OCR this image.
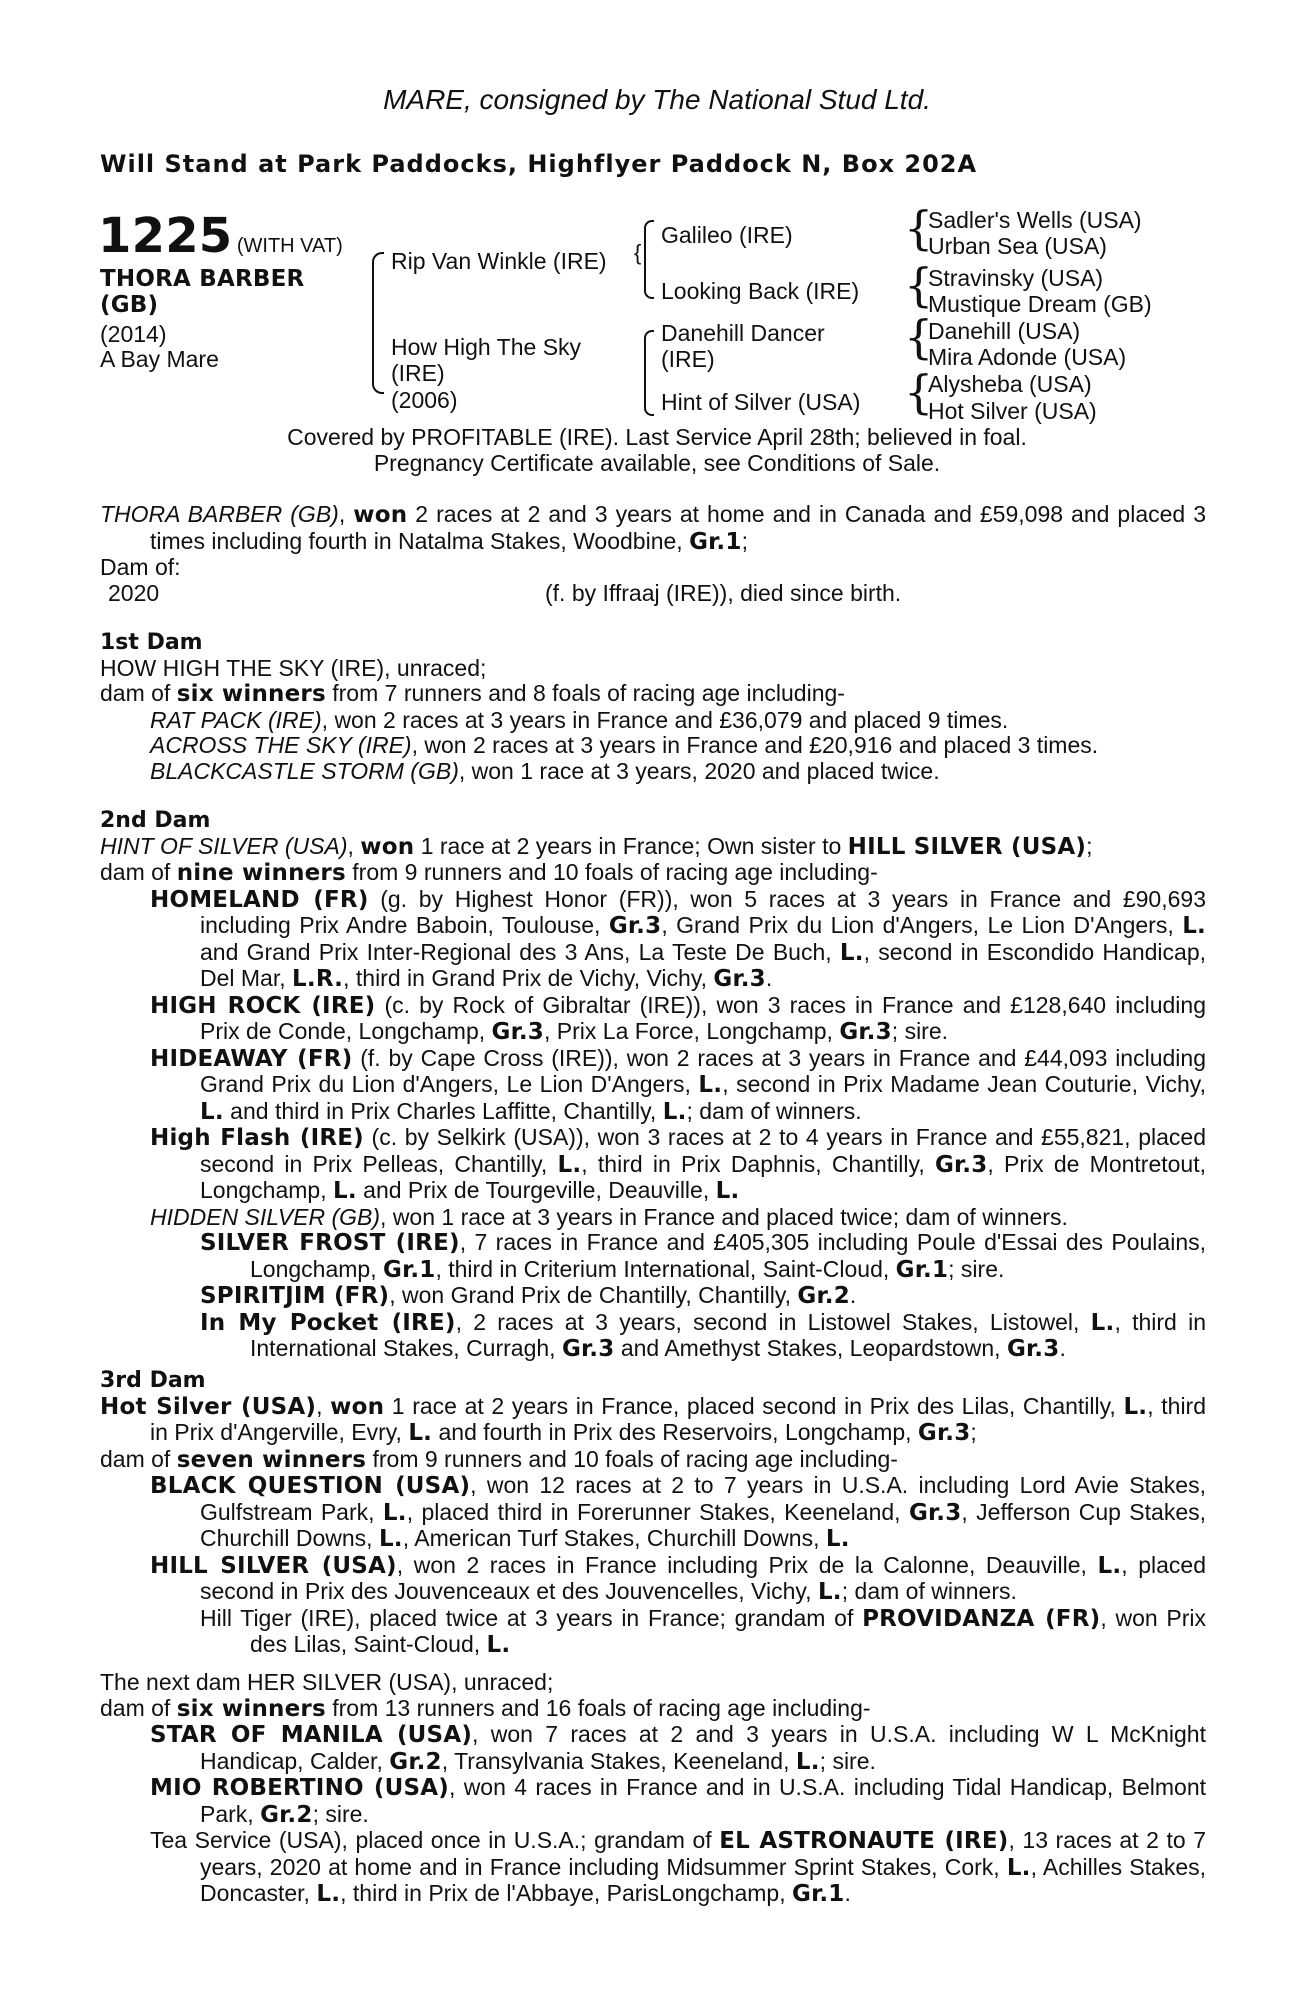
MARE, consigned by The National Stud Ltd.
Will Stand at Park Paddocks, Highflyer Paddock N, Box 202A
1225 (WITH VAT)
THORA BARBER
(GB)
(2014)
A Bay Mare
Rip Van Winkle (IRE)
How High The Sky
(IRE)
(2006)
{
Galileo (IRE)
Looking Back (IRE)
Danehill Dancer
(IRE)
Hint of Silver (USA)
{
Sadler's Wells (USA)
Urban Sea (USA)
{
Stravinsky (USA)
Mustique Dream (GB)
{
Danehill (USA)
Mira Adonde (USA)
{
Alysheba (USA)
Hot Silver (USA)
Covered by PROFITABLE (IRE). Last Service April 28th; believed in foal.
Pregnancy Certificate available, see Conditions of Sale.

THORA BARBER (GB), won 2 races at 2 and 3 years at home and in Canada and £59,098 and placed 3 times including fourth in Natalma Stakes, Woodbine, Gr.1;

Dam of:

2020	(f. by Iffraaj (IRE)), died since birth.

1st Dam

HOW HIGH THE SKY (IRE), unraced;

dam of six winners from 7 runners and 8 foals of racing age including-

RAT PACK (IRE), won 2 races at 3 years in France and £36,079 and placed 9 times.

ACROSS THE SKY (IRE), won 2 races at 3 years in France and £20,916 and placed 3 times.

BLACKCASTLE STORM (GB), won 1 race at 3 years, 2020 and placed twice.

2nd Dam

HINT OF SILVER (USA), won 1 race at 2 years in France; Own sister to HILL SILVER (USA);

dam of nine winners from 9 runners and 10 foals of racing age including-

HOMELAND (FR) (g. by Highest Honor (FR)), won 5 races at 3 years in France and £90,693 including Prix Andre Baboin, Toulouse, Gr.3, Grand Prix du Lion d'Angers, Le Lion D'Angers, L. and Grand Prix Inter-Regional des 3 Ans, La Teste De Buch, L., second in Escondido Handicap, Del Mar, L.R., third in Grand Prix de Vichy, Vichy, Gr.3.

HIGH ROCK (IRE) (c. by Rock of Gibraltar (IRE)), won 3 races in France and £128,640 including Prix de Conde, Longchamp, Gr.3, Prix La Force, Longchamp, Gr.3; sire.

HIDEAWAY (FR) (f. by Cape Cross (IRE)), won 2 races at 3 years in France and £44,093 including Grand Prix du Lion d'Angers, Le Lion D'Angers, L., second in Prix Madame Jean Couturie, Vichy, L. and third in Prix Charles Laffitte, Chantilly, L.; dam of winners.

High Flash (IRE) (c. by Selkirk (USA)), won 3 races at 2 to 4 years in France and £55,821, placed second in Prix Pelleas, Chantilly, L., third in Prix Daphnis, Chantilly, Gr.3, Prix de Montretout, Longchamp, L. and Prix de Tourgeville, Deauville, L.

HIDDEN SILVER (GB), won 1 race at 3 years in France and placed twice; dam of winners.

SILVER FROST (IRE), 7 races in France and £405,305 including Poule d'Essai des Poulains, Longchamp, Gr.1, third in Criterium International, Saint-Cloud, Gr.1; sire.

SPIRITJIM (FR), won Grand Prix de Chantilly, Chantilly, Gr.2.

In My Pocket (IRE), 2 races at 3 years, second in Listowel Stakes, Listowel, L., third in International Stakes, Curragh, Gr.3 and Amethyst Stakes, Leopardstown, Gr.3.

3rd Dam

Hot Silver (USA), won 1 race at 2 years in France, placed second in Prix des Lilas, Chantilly, L., third in Prix d'Angerville, Evry, L. and fourth in Prix des Reservoirs, Longchamp, Gr.3;

dam of seven winners from 9 runners and 10 foals of racing age including-

BLACK QUESTION (USA), won 12 races at 2 to 7 years in U.S.A. including Lord Avie Stakes, Gulfstream Park, L., placed third in Forerunner Stakes, Keeneland, Gr.3, Jefferson Cup Stakes, Churchill Downs, L., American Turf Stakes, Churchill Downs, L.

HILL SILVER (USA), won 2 races in France including Prix de la Calonne, Deauville, L., placed second in Prix des Jouvenceaux et des Jouvencelles, Vichy, L.; dam of winners.

Hill Tiger (IRE), placed twice at 3 years in France; grandam of PROVIDANZA (FR), won Prix des Lilas, Saint-Cloud, L.

The next dam HER SILVER (USA), unraced;

dam of six winners from 13 runners and 16 foals of racing age including-

STAR OF MANILA (USA), won 7 races at 2 and 3 years in U.S.A. including W L McKnight Handicap, Calder, Gr.2, Transylvania Stakes, Keeneland, L.; sire.

MIO ROBERTINO (USA), won 4 races in France and in U.S.A. including Tidal Handicap, Belmont Park, Gr.2; sire.

Tea Service (USA), placed once in U.S.A.; grandam of EL ASTRONAUTE (IRE), 13 races at 2 to 7 years, 2020 at home and in France including Midsummer Sprint Stakes, Cork, L., Achilles Stakes, Doncaster, L., third in Prix de l'Abbaye, ParisLongchamp, Gr.1.
